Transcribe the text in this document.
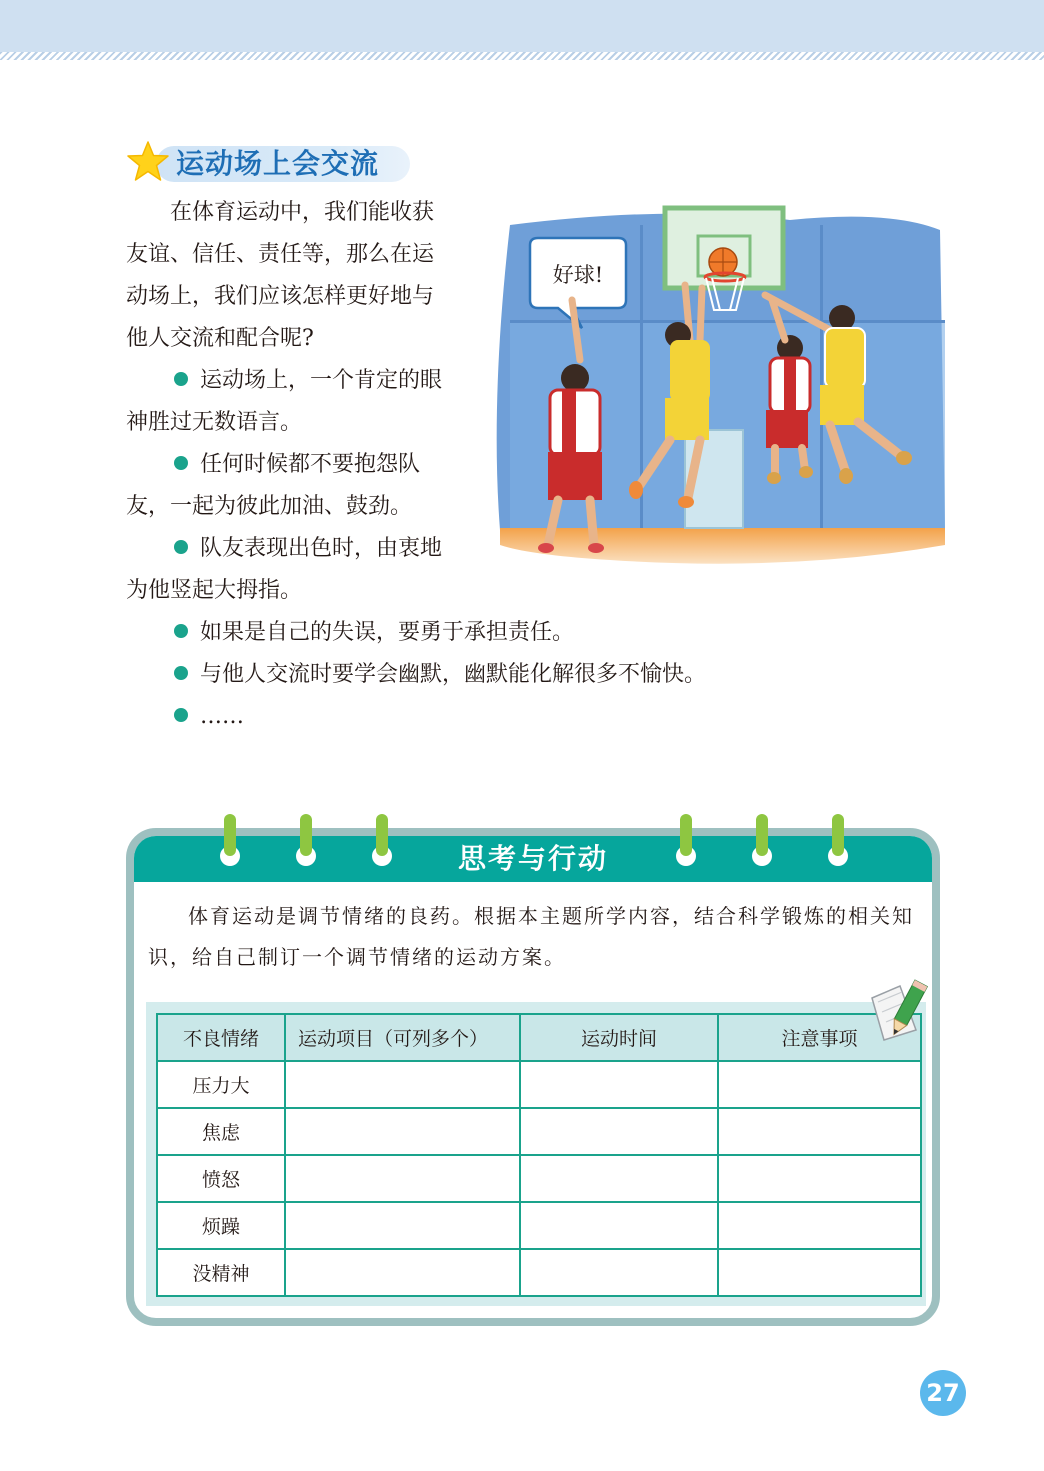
运动场上会交流
在体育运动中，我们能收获友谊、信任、责任等，那么在运动场上，我们应该怎样更好地与他人交流和配合呢?
运动场上，一个肯定的眼神胜过无数语言。
任何时候都不要抱怨队友，一起为彼此加油、鼓劲。
队友表现出色时，由衷地为他竖起大拇指。
如果是自己的失误，要勇于承担责任。
与他人交流时要学会幽默，幽默能化解很多不愉快。
……
好球!
思考与行动
体育运动是调节情绪的良药。根据本主题所学内容，结合科学锻炼的相关知识，给自己制订一个调节情绪的运动方案。
不良情绪	运动项目（可列多个）	运动时间	注意事项
压力大			
焦虑			
愤怒			
烦躁			
没精神			
27
